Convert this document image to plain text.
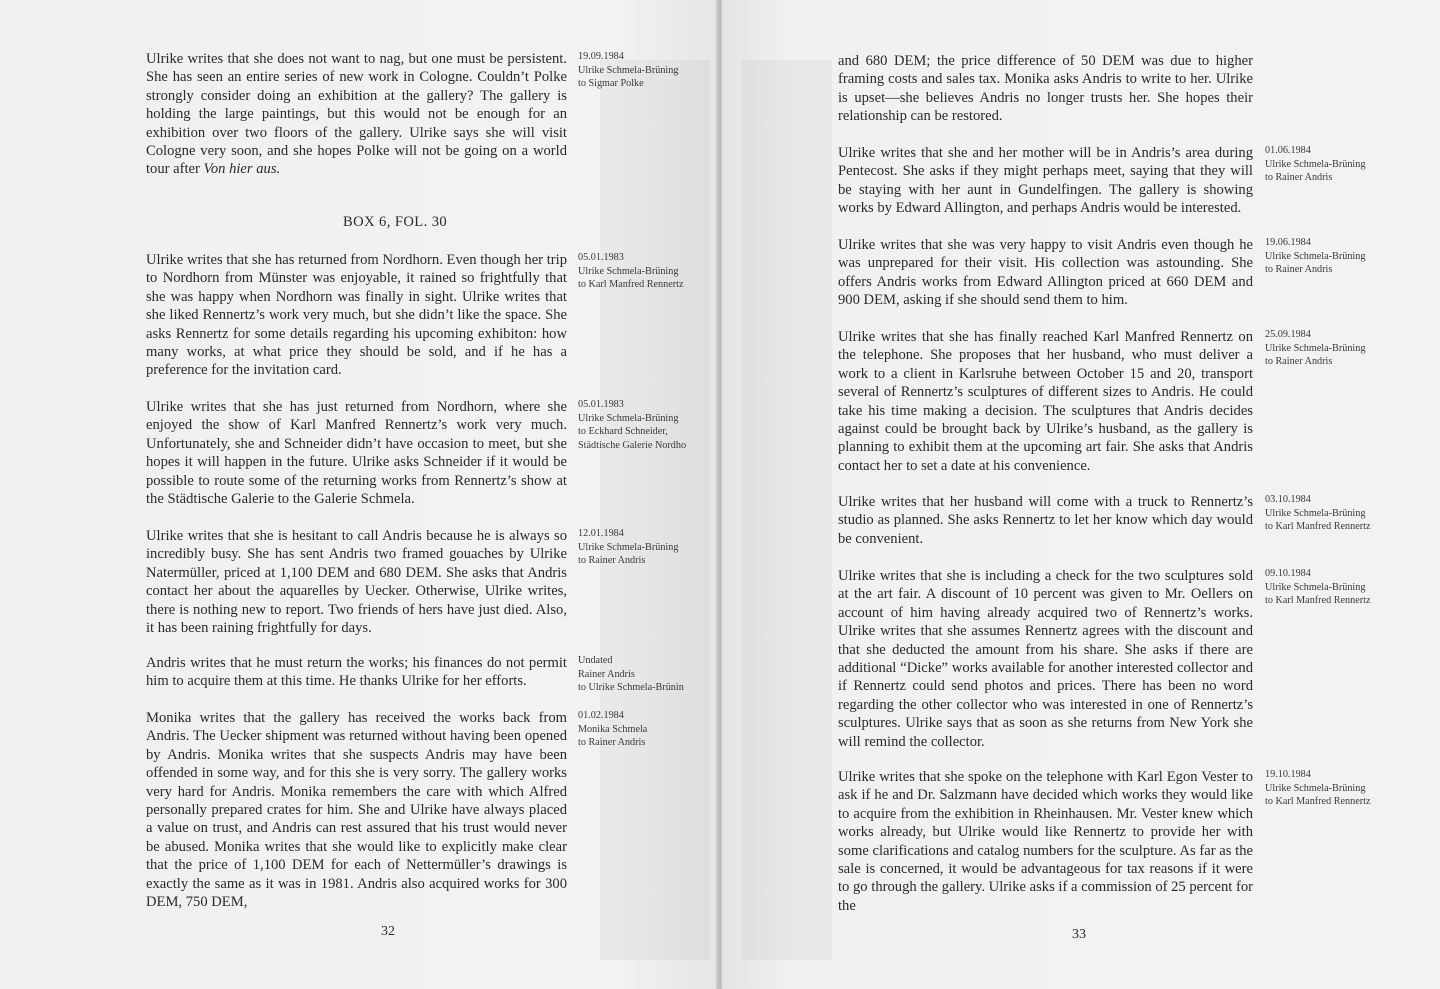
Ulrike writes that she does not want to nag, but one must be persistent. She has seen an entire series of new work in Cologne. Couldn’t Polke strongly consider doing an exhibition at the gallery? The gallery is holding the large paintings, but this would not be enough for an exhibition over two floors of the gallery. Ulrike says she will visit Cologne very soon, and she hopes Polke will not be going on a world tour after Von hier aus.
19.09.1984
Ulrike Schmela-Brüning
to Sigmar Polke
BOX 6, FOL. 30
Ulrike writes that she has returned from Nordhorn. Even though her trip to Nordhorn from Münster was enjoyable, it rained so frightfully that she was happy when Nordhorn was finally in sight. Ulrike writes that she liked Rennertz’s work very much, but she didn’t like the space. She asks Rennertz for some details regarding his upcoming exhibiton: how many works, at what price they should be sold, and if he has a preference for the invitation card.
05.01.1983
Ulrike Schmela-Brüning
to Karl Manfred Rennertz
Ulrike writes that she has just returned from Nordhorn, where she enjoyed the show of Karl Manfred Rennertz’s work very much. Unfortunately, she and Schneider didn’t have occasion to meet, but she hopes it will happen in the future. Ulrike asks Schneider if it would be possible to route some of the returning works from Rennertz’s show at the Städtische Galerie to the Galerie Schmela.
05.01.1983
Ulrike Schmela-Brüning
to Eckhard Schneider,
Städtische Galerie Nordho
Ulrike writes that she is hesitant to call Andris because he is always so incredibly busy. She has sent Andris two framed gouaches by Ulrike Natermüller, priced at 1,100 DEM and 680 DEM. She asks that Andris contact her about the aquarelles by Uecker. Otherwise, Ulrike writes, there is nothing new to report. Two friends of hers have just died. Also, it has been raining frightfully for days.
12.01.1984
Ulrike Schmela-Brüning
to Rainer Andris
Andris writes that he must return the works; his finances do not permit him to acquire them at this time. He thanks Ulrike for her efforts.
Undated
Rainer Andris
to Ulrike Schmela-Brünin
Monika writes that the gallery has received the works back from Andris. The Uecker shipment was returned without having been opened by Andris. Monika writes that she suspects Andris may have been offended in some way, and for this she is very sorry. The gallery works very hard for Andris. Monika remembers the care with which Alfred personally prepared crates for him. She and Ulrike have always placed a value on trust, and Andris can rest assured that his trust would never be abused. Monika writes that she would like to explicitly make clear that the price of 1,100 DEM for each of Nettermüller’s drawings is exactly the same as it was in 1981. Andris also acquired works for 300 DEM, 750 DEM,
01.02.1984
Monika Schmela
to Rainer Andris
32
and 680 DEM; the price difference of 50 DEM was due to higher framing costs and sales tax. Monika asks Andris to write to her. Ulrike is upset—she believes Andris no longer trusts her. She hopes their relationship can be restored.
Ulrike writes that she and her mother will be in Andris’s area during Pentecost. She asks if they might perhaps meet, saying that they will be staying with her aunt in Gundelfingen. The gallery is showing works by Edward Allington, and perhaps Andris would be interested.
01.06.1984
Ulrike Schmela-Brüning
to Rainer Andris
Ulrike writes that she was very happy to visit Andris even though he was unprepared for their visit. His collection was astounding. She offers Andris works from Edward Allington priced at 660 DEM and 900 DEM, asking if she should send them to him.
19.06.1984
Ulrike Schmela-Brüning
to Rainer Andris
Ulrike writes that she has finally reached Karl Manfred Rennertz on the telephone. She proposes that her husband, who must deliver a work to a client in Karlsruhe between October 15 and 20, transport several of Rennertz’s sculptures of different sizes to Andris. He could take his time making a decision. The sculptures that Andris decides against could be brought back by Ulrike’s husband, as the gallery is planning to exhibit them at the upcoming art fair. She asks that Andris contact her to set a date at his convenience.
25.09.1984
Ulrike Schmela-Brüning
to Rainer Andris
Ulrike writes that her husband will come with a truck to Rennertz’s studio as planned. She asks Rennertz to let her know which day would be convenient.
03.10.1984
Ulrike Schmela-Brüning
to Karl Manfred Rennertz
Ulrike writes that she is including a check for the two sculptures sold at the art fair. A discount of 10 percent was given to Mr. Oellers on account of him having already acquired two of Rennertz’s works. Ulrike writes that she assumes Rennertz agrees with the discount and that she deducted the amount from his share. She asks if there are additional “Dicke” works available for another interested collector and if Rennertz could send photos and prices. There has been no word regarding the other collector who was interested in one of Rennertz’s sculptures. Ulrike says that as soon as she returns from New York she will remind the collector.
09.10.1984
Ulrike Schmela-Brüning
to Karl Manfred Rennertz
Ulrike writes that she spoke on the telephone with Karl Egon Vester to ask if he and Dr. Salzmann have decided which works they would like to acquire from the exhibition in Rheinhausen. Mr. Vester knew which works already, but Ulrike would like Rennertz to provide her with some clarifications and catalog numbers for the sculpture. As far as the sale is concerned, it would be advantageous for tax reasons if it were to go through the gallery. Ulrike asks if a commission of 25 percent for the
19.10.1984
Ulrike Schmela-Brüning
to Karl Manfred Rennertz
33
